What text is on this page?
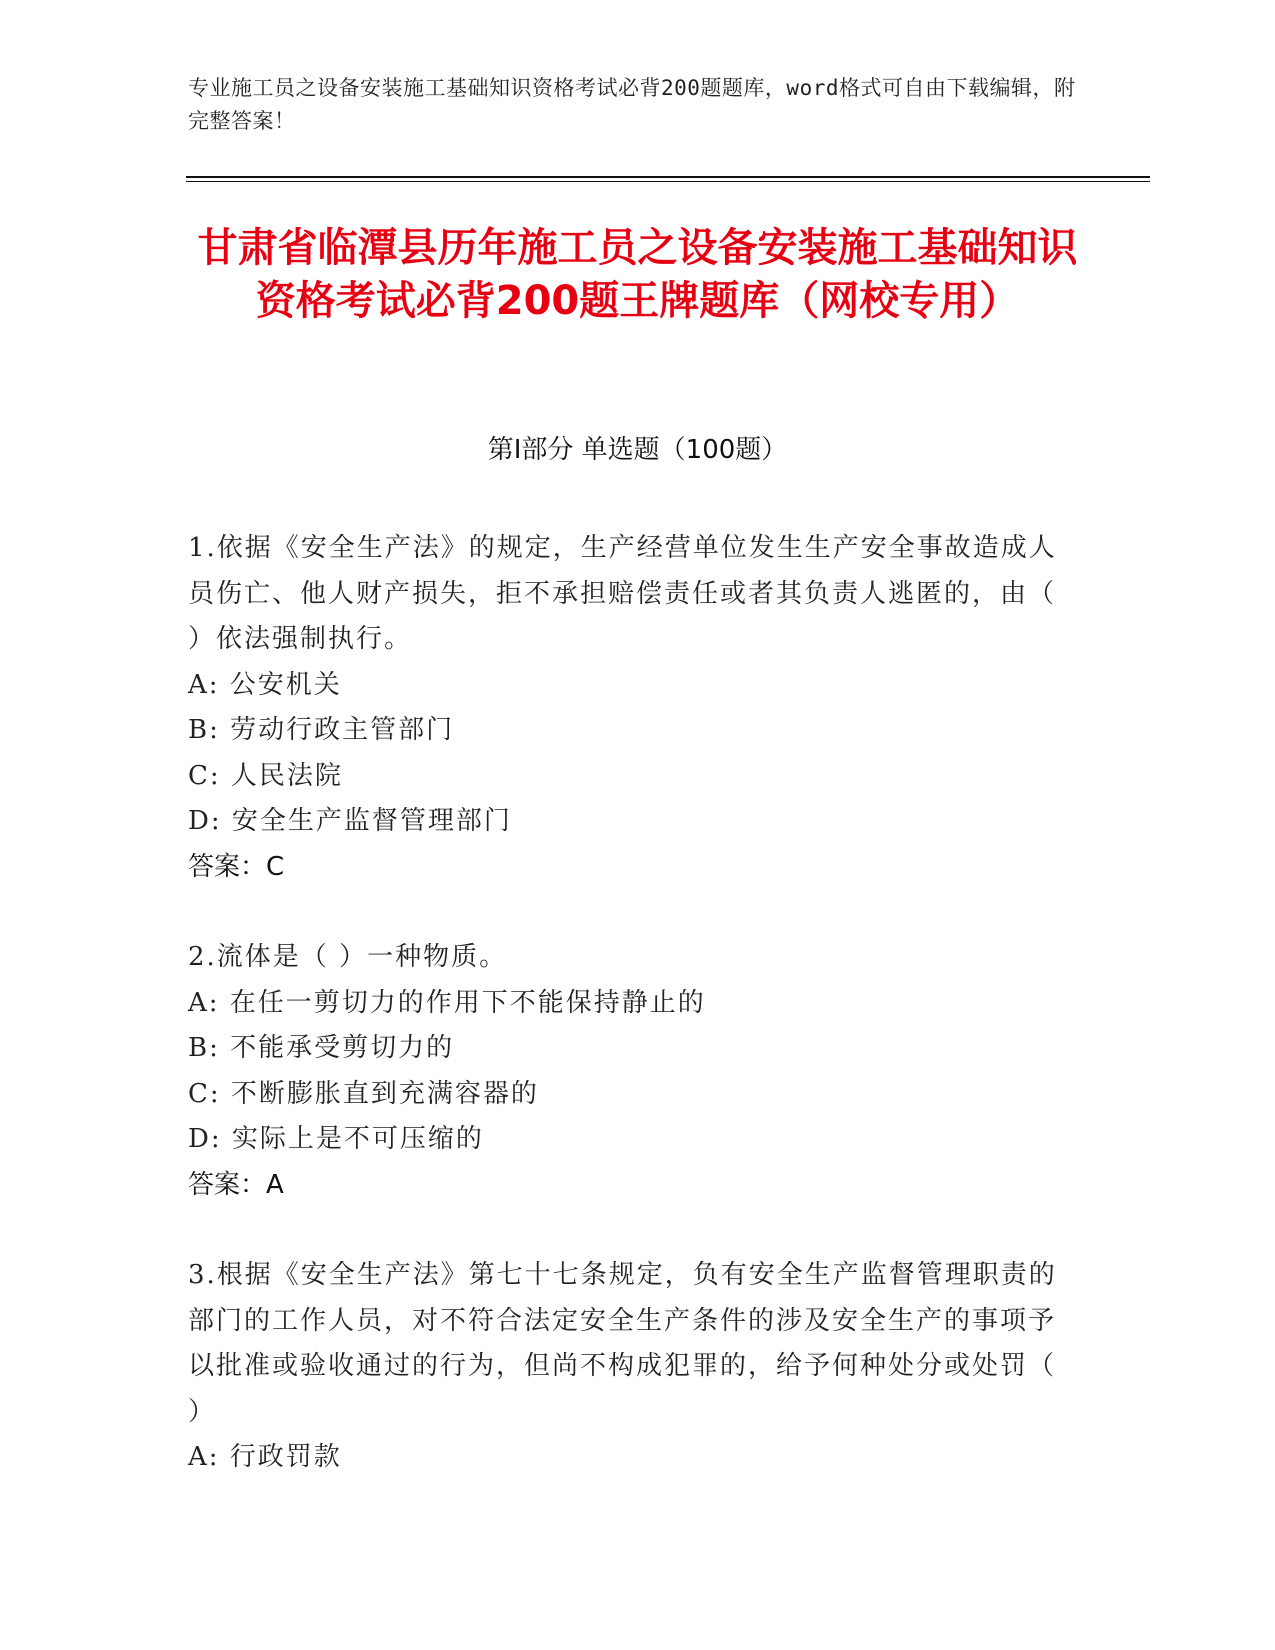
专业施工员之设备安装施工基础知识资格考试必背200题题库，word格式可自由下载编辑，附完整答案！
甘肃省临潭县历年施工员之设备安装施工基础知识资格考试必背200题王牌题库（网校专用）
第Ⅰ部分 单选题（100题）

1.依据《安全生产法》的规定，生产经营单位发生生产安全事故造成人员伤亡、他人财产损失，拒不承担赔偿责任或者其负责人逃匿的，由（ ）依法强制执行。

A: 公安机关

B: 劳动行政主管部门

C: 人民法院

D: 安全生产监督管理部门

答案：C

2.流体是（ ）一种物质。

A: 在任一剪切力的作用下不能保持静止的

B: 不能承受剪切力的

C: 不断膨胀直到充满容器的

D: 实际上是不可压缩的

答案：A

3.根据《安全生产法》第七十七条规定，负有安全生产监督管理职责的部门的工作人员，对不符合法定安全生产条件的涉及安全生产的事项予以批准或验收通过的行为，但尚不构成犯罪的，给予何种处分或处罚（ ）

A: 行政罚款
